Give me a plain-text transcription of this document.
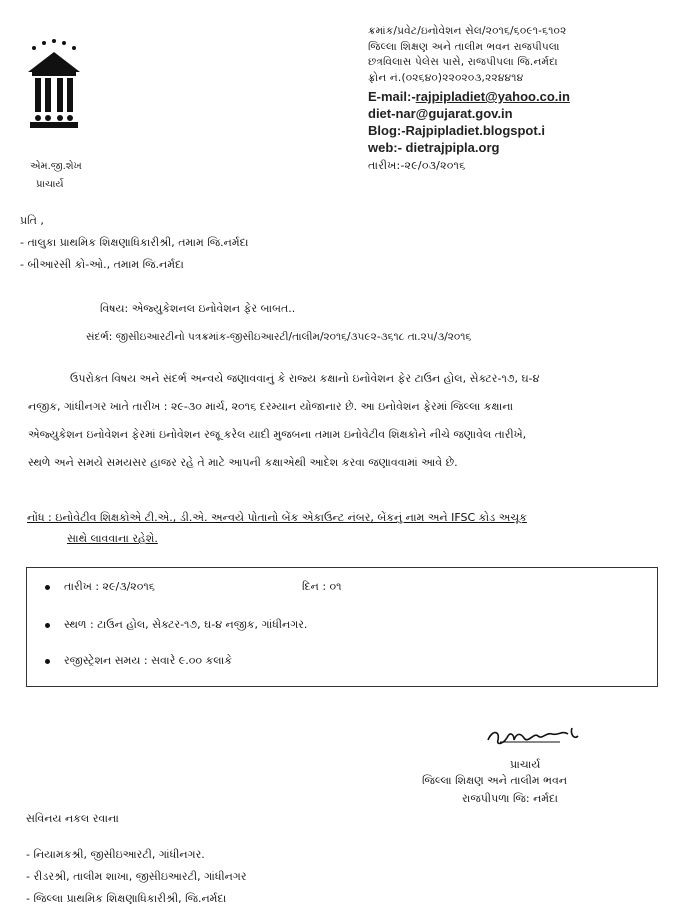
એમ.જી.શેખ
પ્રાચાર્ય
ક્રમાંક/પ્રવેટ/ઇનોવેશન સેલ/૨૦૧૬/૬૦૯૧-૬૧૦૨
જિલ્લા શિક્ષણ અને તાલીમ ભવન રાજપીપલા
છત્રવિલાસ પેલેસ પાસે, રાજપીપલા જિ.નર્મદા
ફ્રોન નં.(૦૨૬૪૦)૨૨૦૨૦૩,૨૨૪૪૧૪
E-mail:-rajpipladiet@yahoo.co.in
diet-nar@gujarat.gov.in
Blog:-Rajpipladiet.blogspot.i
web:- dietrajpipla.org
તારીખ:-૨૯/૦૩/૨૦૧૬
પ્રતિ ,
- તાલુકા પ્રાથમિક શિક્ષણાધિકારીશ્રી, તમામ જિ.નર્મદા
- બીઆરસી કો-ઓ., તમામ જિ.નર્મદા
વિષય: એજ્યુકેશનલ ઇનોવેશન ફેર બાબત..
સંદર્ભ: જીસીઇઆરટીનો પત્રક્રમાંક-જીસીઇઆરટી/તાલીમ/૨૦૧૬/૩૫૯૨-૩૬૧૮ તા.૨૫/૩/૨૦૧૬
ઉપરોક્ત વિષય અને સંદર્ભ અન્વયે જણાવવાનું કે રાજ્ય કક્ષાનો ઇનોવેશન ફેર ટાઉન હોલ, સેક્ટર-૧૭, ઘ-૪
નજીક, ગાંધીનગર ખાતે તારીખ : ૨૯-૩૦ માર્ચ, ૨૦૧૬ દરમ્યાન યોજાનાર છે. આ ઇનોવેશન ફેરમાં જિલ્લા કક્ષાના
એજ્યુકેશન ઇનોવેશન ફેરમાં ઇનોવેશન રજૂ કરેલ યાદી મુજબના તમામ ઇનોવેટીવ શિક્ષકોને નીચે જણાવેલ તારીખે,
સ્થળે અને સમયે સમયસર હાજર રહે તે માટે આપની કક્ષાએથી આદેશ કરવા જણાવવામાં આવે છે.
નોંધ : ઇનોવેટીવ શિક્ષકોએ ટી.એ., ડી.એ. અન્વયે પોતાનો બેંક એકાઉન્ટ નંબર, બેંકનું નામ અને IFSC કોડ અચૂક
સાથે લાવવાના રહેશે.
તારીખ : ૨૯/૩/૨૦૧૬	દિન : ૦૧
સ્થળ : ટાઉન હોલ, સેક્ટર-૧૭, ઘ-૪ નજીક, ગાંધીનગર.
રજીસ્ટ્રેશન સમય : સવારે ૯.૦૦ કલાકે
પ્રાચાર્ય
જિલ્લા શિક્ષણ અને તાલીમ ભવન
રાજપીપળા જિ: નર્મદા
સવિનય નકલ રવાના
- નિયામકશ્રી, જીસીઇઆરટી, ગાંધીનગર.
- રીડરશ્રી, તાલીમ શાખા, જીસીઇઆરટી, ગાંધીનગર
- જિલ્લા પ્રાથમિક શિક્ષણાધિકારીશ્રી, જિ.નર્મદા
